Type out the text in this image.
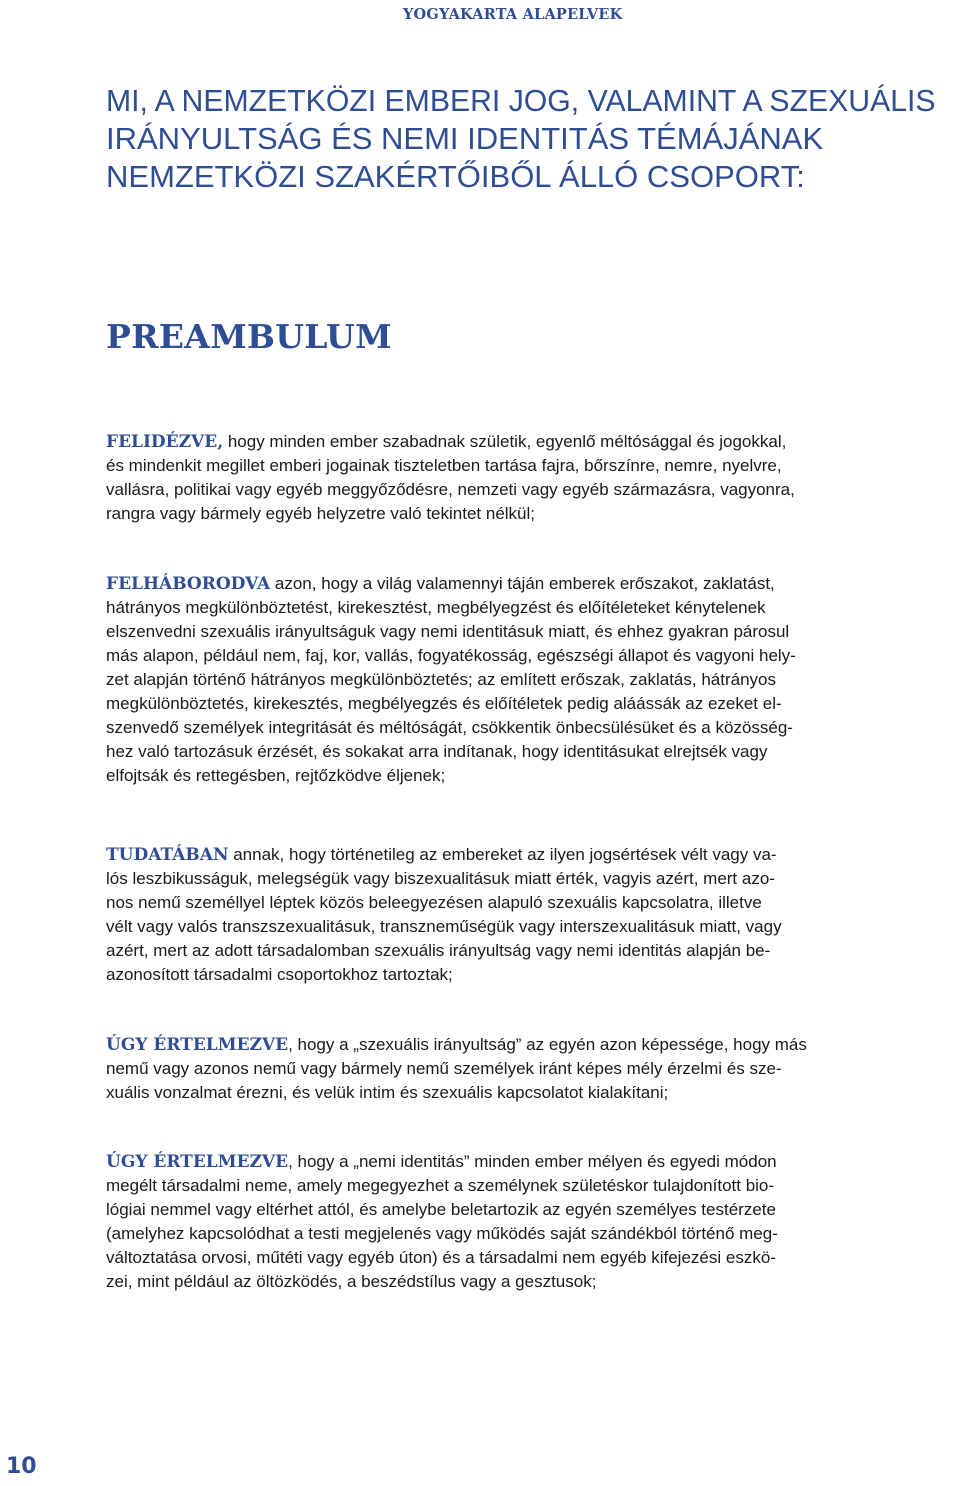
YOGYAKARTA ALAPELVEK
MI, A NEMZETKÖZI EMBERI JOG, VALAMINT A SZEXUÁLIS
IRÁNYULTSÁG ÉS NEMI IDENTITÁS TÉMÁJÁNAK
NEMZETKÖZI SZAKÉRTŐIBŐL ÁLLÓ CSOPORT:
PREAMBULUM

FELIDÉZVE, hogy minden ember szabadnak születik, egyenlő méltósággal és jogokkal,
és mindenkit megillet emberi jogainak tiszteletben tartása fajra, bőrszínre, nemre, nyelvre,
vallásra, politikai vagy egyéb meggyőződésre, nemzeti vagy egyéb származásra, vagyonra,
rangra vagy bármely egyéb helyzetre való tekintet nélkül;

FELHÁBORODVA azon, hogy a világ valamennyi táján emberek erőszakot, zaklatást,
hátrányos megkülönböztetést, kirekesztést, megbélyegzést és előítéleteket kénytelenek
elszenvedni szexuális irányultságuk vagy nemi identitásuk miatt, és ehhez gyakran párosul
más alapon, például nem, faj, kor, vallás, fogyatékosság, egészségi állapot és vagyoni hely-
zet alapján történő hátrányos megkülönböztetés; az említett erőszak, zaklatás, hátrányos
megkülönböztetés, kirekesztés, megbélyegzés és előítéletek pedig aláássák az ezeket el-
szenvedő személyek integritását és méltóságát, csökkentik önbecsülésüket és a közösség-
hez való tartozásuk érzését, és sokakat arra indítanak, hogy identitásukat elrejtsék vagy
elfojtsák és rettegésben, rejtőzködve éljenek;

TUDATÁBAN annak, hogy történetileg az embereket az ilyen jogsértések vélt vagy va-
lós leszbikusságuk, melegségük vagy biszexualitásuk miatt érték, vagyis azért, mert azo-
nos nemű személlyel léptek közös beleegyezésen alapuló szexuális kapcsolatra, illetve
vélt vagy valós transzszexualitásuk, transzneműségük vagy interszexualitásuk miatt, vagy
azért, mert az adott társadalomban szexuális irányultság vagy nemi identitás alapján be-
azonosított társadalmi csoportokhoz tartoztak;

ÚGY ÉRTELMEZVE, hogy a „szexuális irányultság” az egyén azon képessége, hogy más
nemű vagy azonos nemű vagy bármely nemű személyek iránt képes mély érzelmi és sze-
xuális vonzalmat érezni, és velük intim és szexuális kapcsolatot kialakítani;

ÚGY ÉRTELMEZVE, hogy a „nemi identitás” minden ember mélyen és egyedi módon
megélt társadalmi neme, amely megegyezhet a személynek születéskor tulajdonított bio-
lógiai nemmel vagy eltérhet attól, és amelybe beletartozik az egyén személyes testérzete
(amelyhez kapcsolódhat a testi megjelenés vagy működés saját szándékból történő meg-
változtatása orvosi, műtéti vagy egyéb úton) és a társadalmi nem egyéb kifejezési eszkö-
zei, mint például az öltözködés, a beszédstílus vagy a gesztusok;

10
